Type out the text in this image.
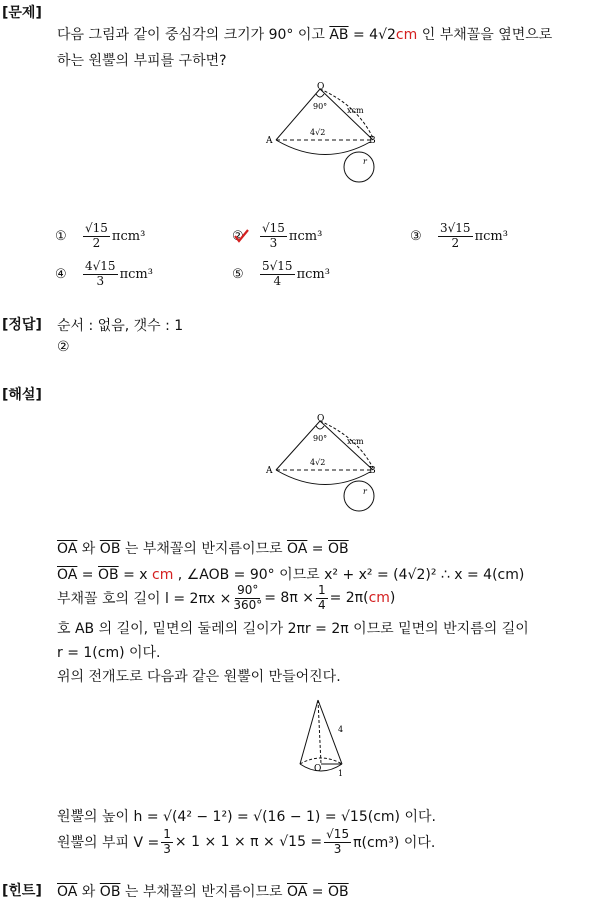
[문제]
[정답]
[해설]
[힌트]
다음 그림과 같이 중심각의 크기가 90° 이고 $\overline{AB} = 4√2cm$ 인 부채꼴을 옆면으로
하는 원뿔의 부피를 구하면?
O
90° xcm
4√2
A	B
r
①	$\frac{√15}{2} \pi cm^3$	②	$\frac{√15}{3} \pi cm^3$	③	$\frac{3√15}{2} \pi cm^3$
④	$\frac{4√15}{3} \pi cm^3$	⑤	$\frac{5√15}{4} \pi cm^3$
순서 : 없음, 갯수 : 1
②
O
90° xcm
4√2
A	B
r
$\overline{OA}$ 와 $\overline{OB}$ 는 부채꼴의 반지름이므로 $\overline{OA} = \overline{OB}$
$\overline{OA} = \overline{OB} = x$ cm , ∠AOB = 90° 이므로 x² + x² = (4√2)² ∴ x = 4(cm)
부채꼴 호의 길이 $l = 2\pi x \times \frac{90^\circ}{360^\circ} = 8\pi \times \frac{1}{4} = 2\pi$( cm )
호 AB 의 길이, 밑면의 둘레의 길이가 2πr = 2π 이므로 밑면의 반지름의 길이
r = 1(cm) 이다.
위의 전개도로 다음과 같은 원뿔이 만들어진다.
4
O 1
원뿔의 높이 h = √(4² − 1²) = √(16 − 1) = √15(cm) 이다.
원뿔의 부피 $V = \frac{1}{3} \times 1 \times 1 \times \pi \times √15 = \frac{√15}{3} \pi(cm^3)$ 이다.
$\overline{OA}$ 와 $\overline{OB}$ 는 부채꼴의 반지름이므로 $\overline{OA} = \overline{OB}$
